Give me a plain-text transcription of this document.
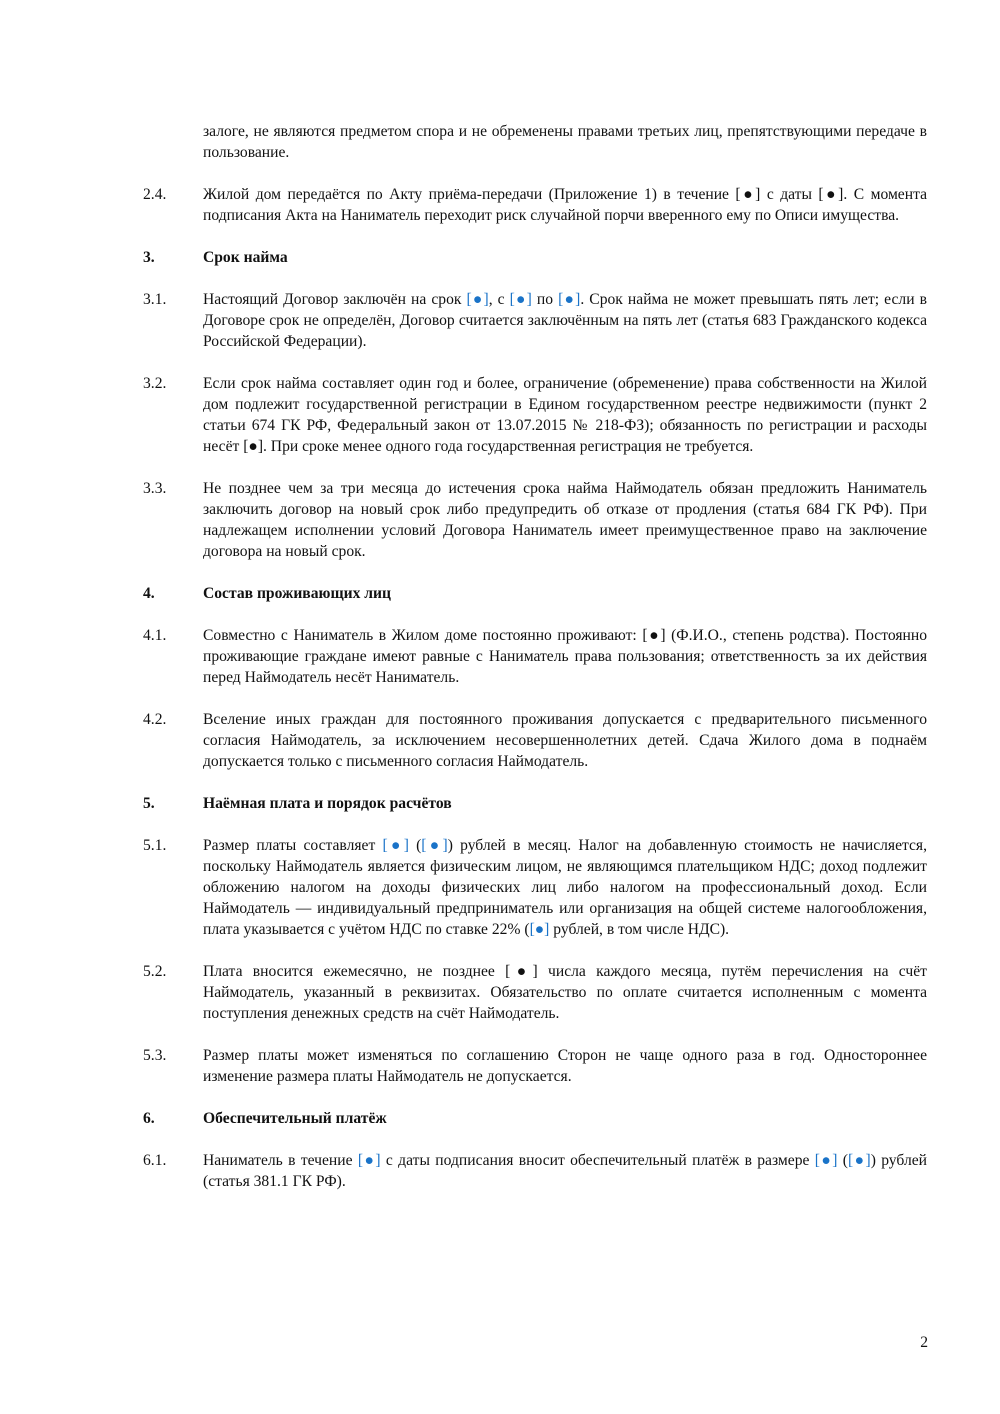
залоге, не являются предметом спора и не обременены правами третьих лиц, препятствующими передаче в пользование.

2.4.	Жилой дом передаётся по Акту приёма-передачи (Приложение 1) в течение [●] с даты [●]. С момента подписания Акта на Наниматель переходит риск случайной порчи вверенного ему по Описи имущества.
3.	Срок найма
3.1.	Настоящий Договор заключён на срок [●], с [●] по [●]. Срок найма не может превышать пять лет; если в Договоре срок не определён, Договор считается заключённым на пять лет (статья 683 Гражданского кодекса Российской Федерации).
3.2.	Если срок найма составляет один год и более, ограничение (обременение) права собственности на Жилой дом подлежит государственной регистрации в Едином государственном реестре недвижимости (пункт 2 статьи 674 ГК РФ, Федеральный закон от 13.07.2015 № 218-ФЗ); обязанность по регистрации и расходы несёт [●]. При сроке менее одного года государственная регистрация не требуется.
3.3.	Не позднее чем за три месяца до истечения срока найма Наймодатель обязан предложить Наниматель заключить договор на новый срок либо предупредить об отказе от продления (статья 684 ГК РФ). При надлежащем исполнении условий Договора Наниматель имеет преимущественное право на заключение договора на новый срок.
4.	Состав проживающих лиц
4.1.	Совместно с Наниматель в Жилом доме постоянно проживают: [●] (Ф.И.О., степень родства). Постоянно проживающие граждане имеют равные с Наниматель права пользования; ответственность за их действия перед Наймодатель несёт Наниматель.
4.2.	Вселение иных граждан для постоянного проживания допускается с предварительного письменного согласия Наймодатель, за исключением несовершеннолетних детей. Сдача Жилого дома в поднаём допускается только с письменного согласия Наймодатель.
5.	Наёмная плата и порядок расчётов
5.1.	Размер платы составляет [●] ([●]) рублей в месяц. Налог на добавленную стоимость не начисляется, поскольку Наймодатель является физическим лицом, не являющимся плательщиком НДС; доход подлежит обложению налогом на доходы физических лиц либо налогом на профессиональный доход. Если Наймодатель — индивидуальный предприниматель или организация на общей системе налогообложения, плата указывается с учётом НДС по ставке 22% ([●] рублей, в том числе НДС).
5.2.	Плата вносится ежемесячно, не позднее [●] числа каждого месяца, путём перечисления на счёт Наймодатель, указанный в реквизитах. Обязательство по оплате считается исполненным с момента поступления денежных средств на счёт Наймодатель.
5.3.	Размер платы может изменяться по соглашению Сторон не чаще одного раза в год. Одностороннее изменение размера платы Наймодатель не допускается.
6.	Обеспечительный платёж
6.1.	Наниматель в течение [●] с даты подписания вносит обеспечительный платёж в размере [●] ([●]) рублей (статья 381.1 ГК РФ).
2
